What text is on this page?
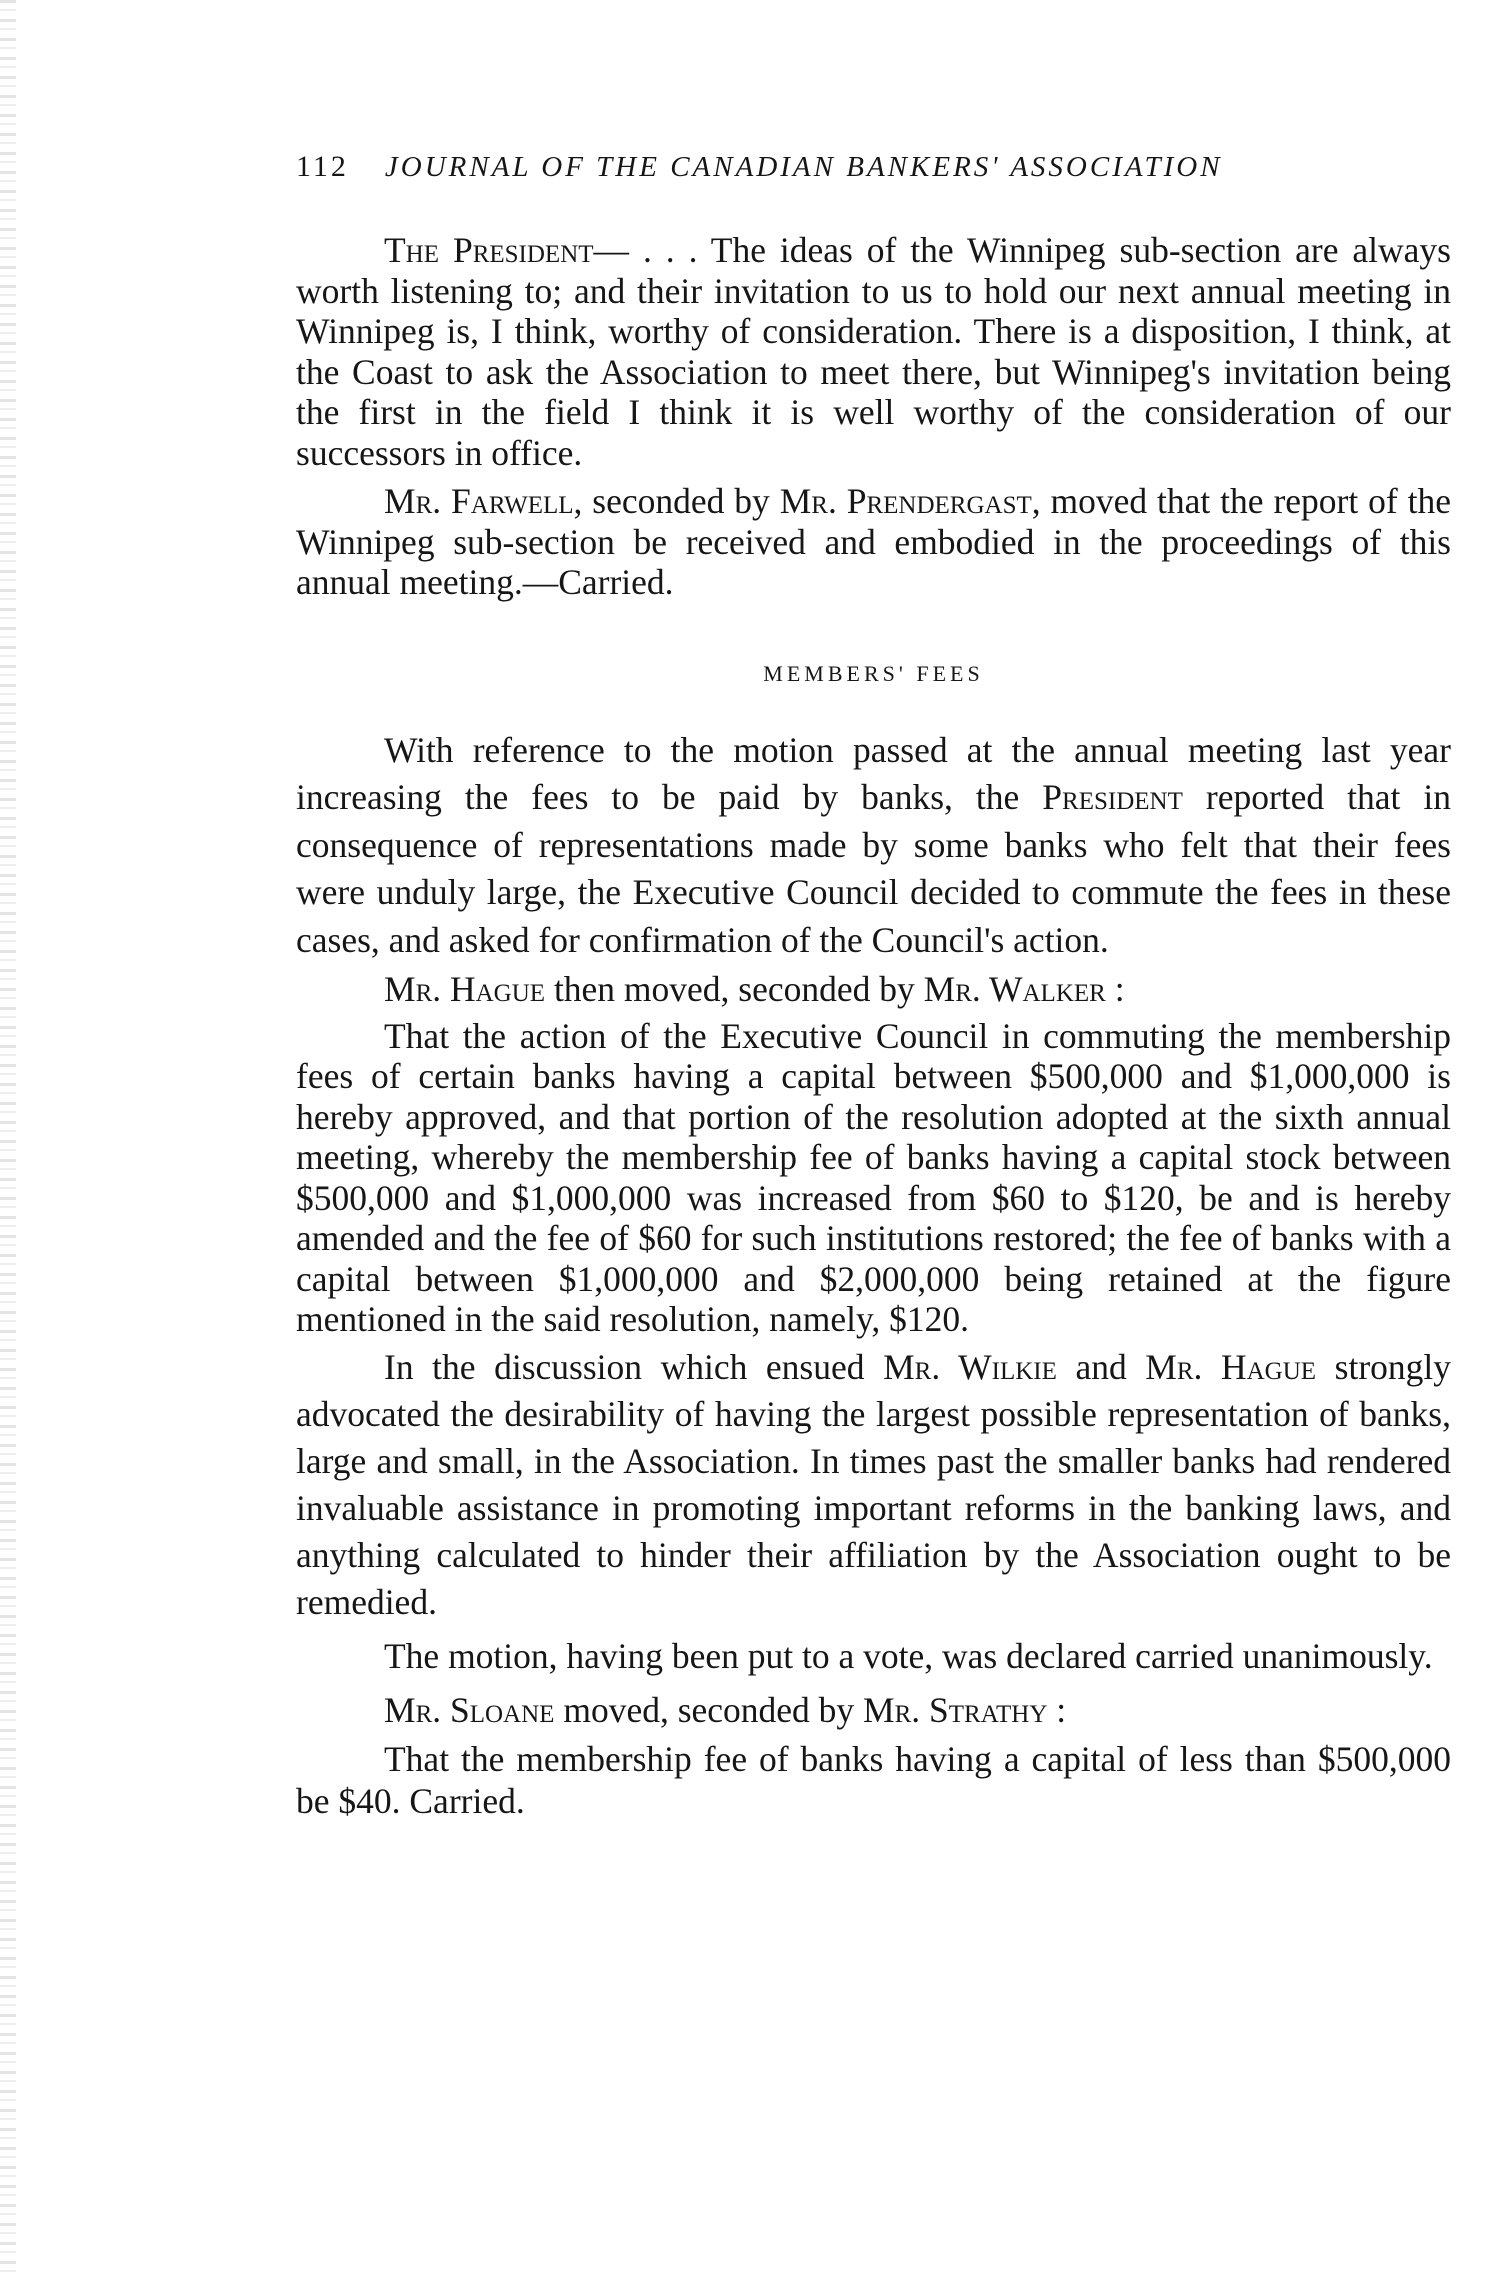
112 JOURNAL OF THE CANADIAN BANKERS' ASSOCIATION

The President— . . . The ideas of the Winnipeg sub-section are always worth listening to; and their invitation to us to hold our next annual meeting in Winnipeg is, I think, worthy of consideration. There is a disposition, I think, at the Coast to ask the Association to meet there, but Winnipeg's invitation being the first in the field I think it is well worthy of the consideration of our successors in office.

Mr. Farwell, seconded by Mr. Prendergast, moved that the report of the Winnipeg sub-section be received and embodied in the proceedings of this annual meeting.—Carried.

MEMBERS' FEES

With reference to the motion passed at the annual meeting last year increasing the fees to be paid by banks, the President reported that in consequence of representations made by some banks who felt that their fees were unduly large, the Executive Council decided to commute the fees in these cases, and asked for confirmation of the Council's action.

Mr. Hague then moved, seconded by Mr. Walker :

That the action of the Executive Council in commuting the membership fees of certain banks having a capital between $500,000 and $1,000,000 is hereby approved, and that portion of the resolution adopted at the sixth annual meeting, whereby the membership fee of banks having a capital stock between $500,000 and $1,000,000 was increased from $60 to $120, be and is hereby amended and the fee of $60 for such institutions restored; the fee of banks with a capital between $1,000,000 and $2,000,000 being retained at the figure mentioned in the said resolution, namely, $120.

In the discussion which ensued Mr. Wilkie and Mr. Hague strongly advocated the desirability of having the largest possible representation of banks, large and small, in the Association. In times past the smaller banks had rendered invaluable assistance in promoting important reforms in the banking laws, and anything calculated to hinder their affiliation by the Association ought to be remedied.

The motion, having been put to a vote, was declared carried unanimously.

Mr. Sloane moved, seconded by Mr. Strathy :

That the membership fee of banks having a capital of less than $500,000 be $40. Carried.
